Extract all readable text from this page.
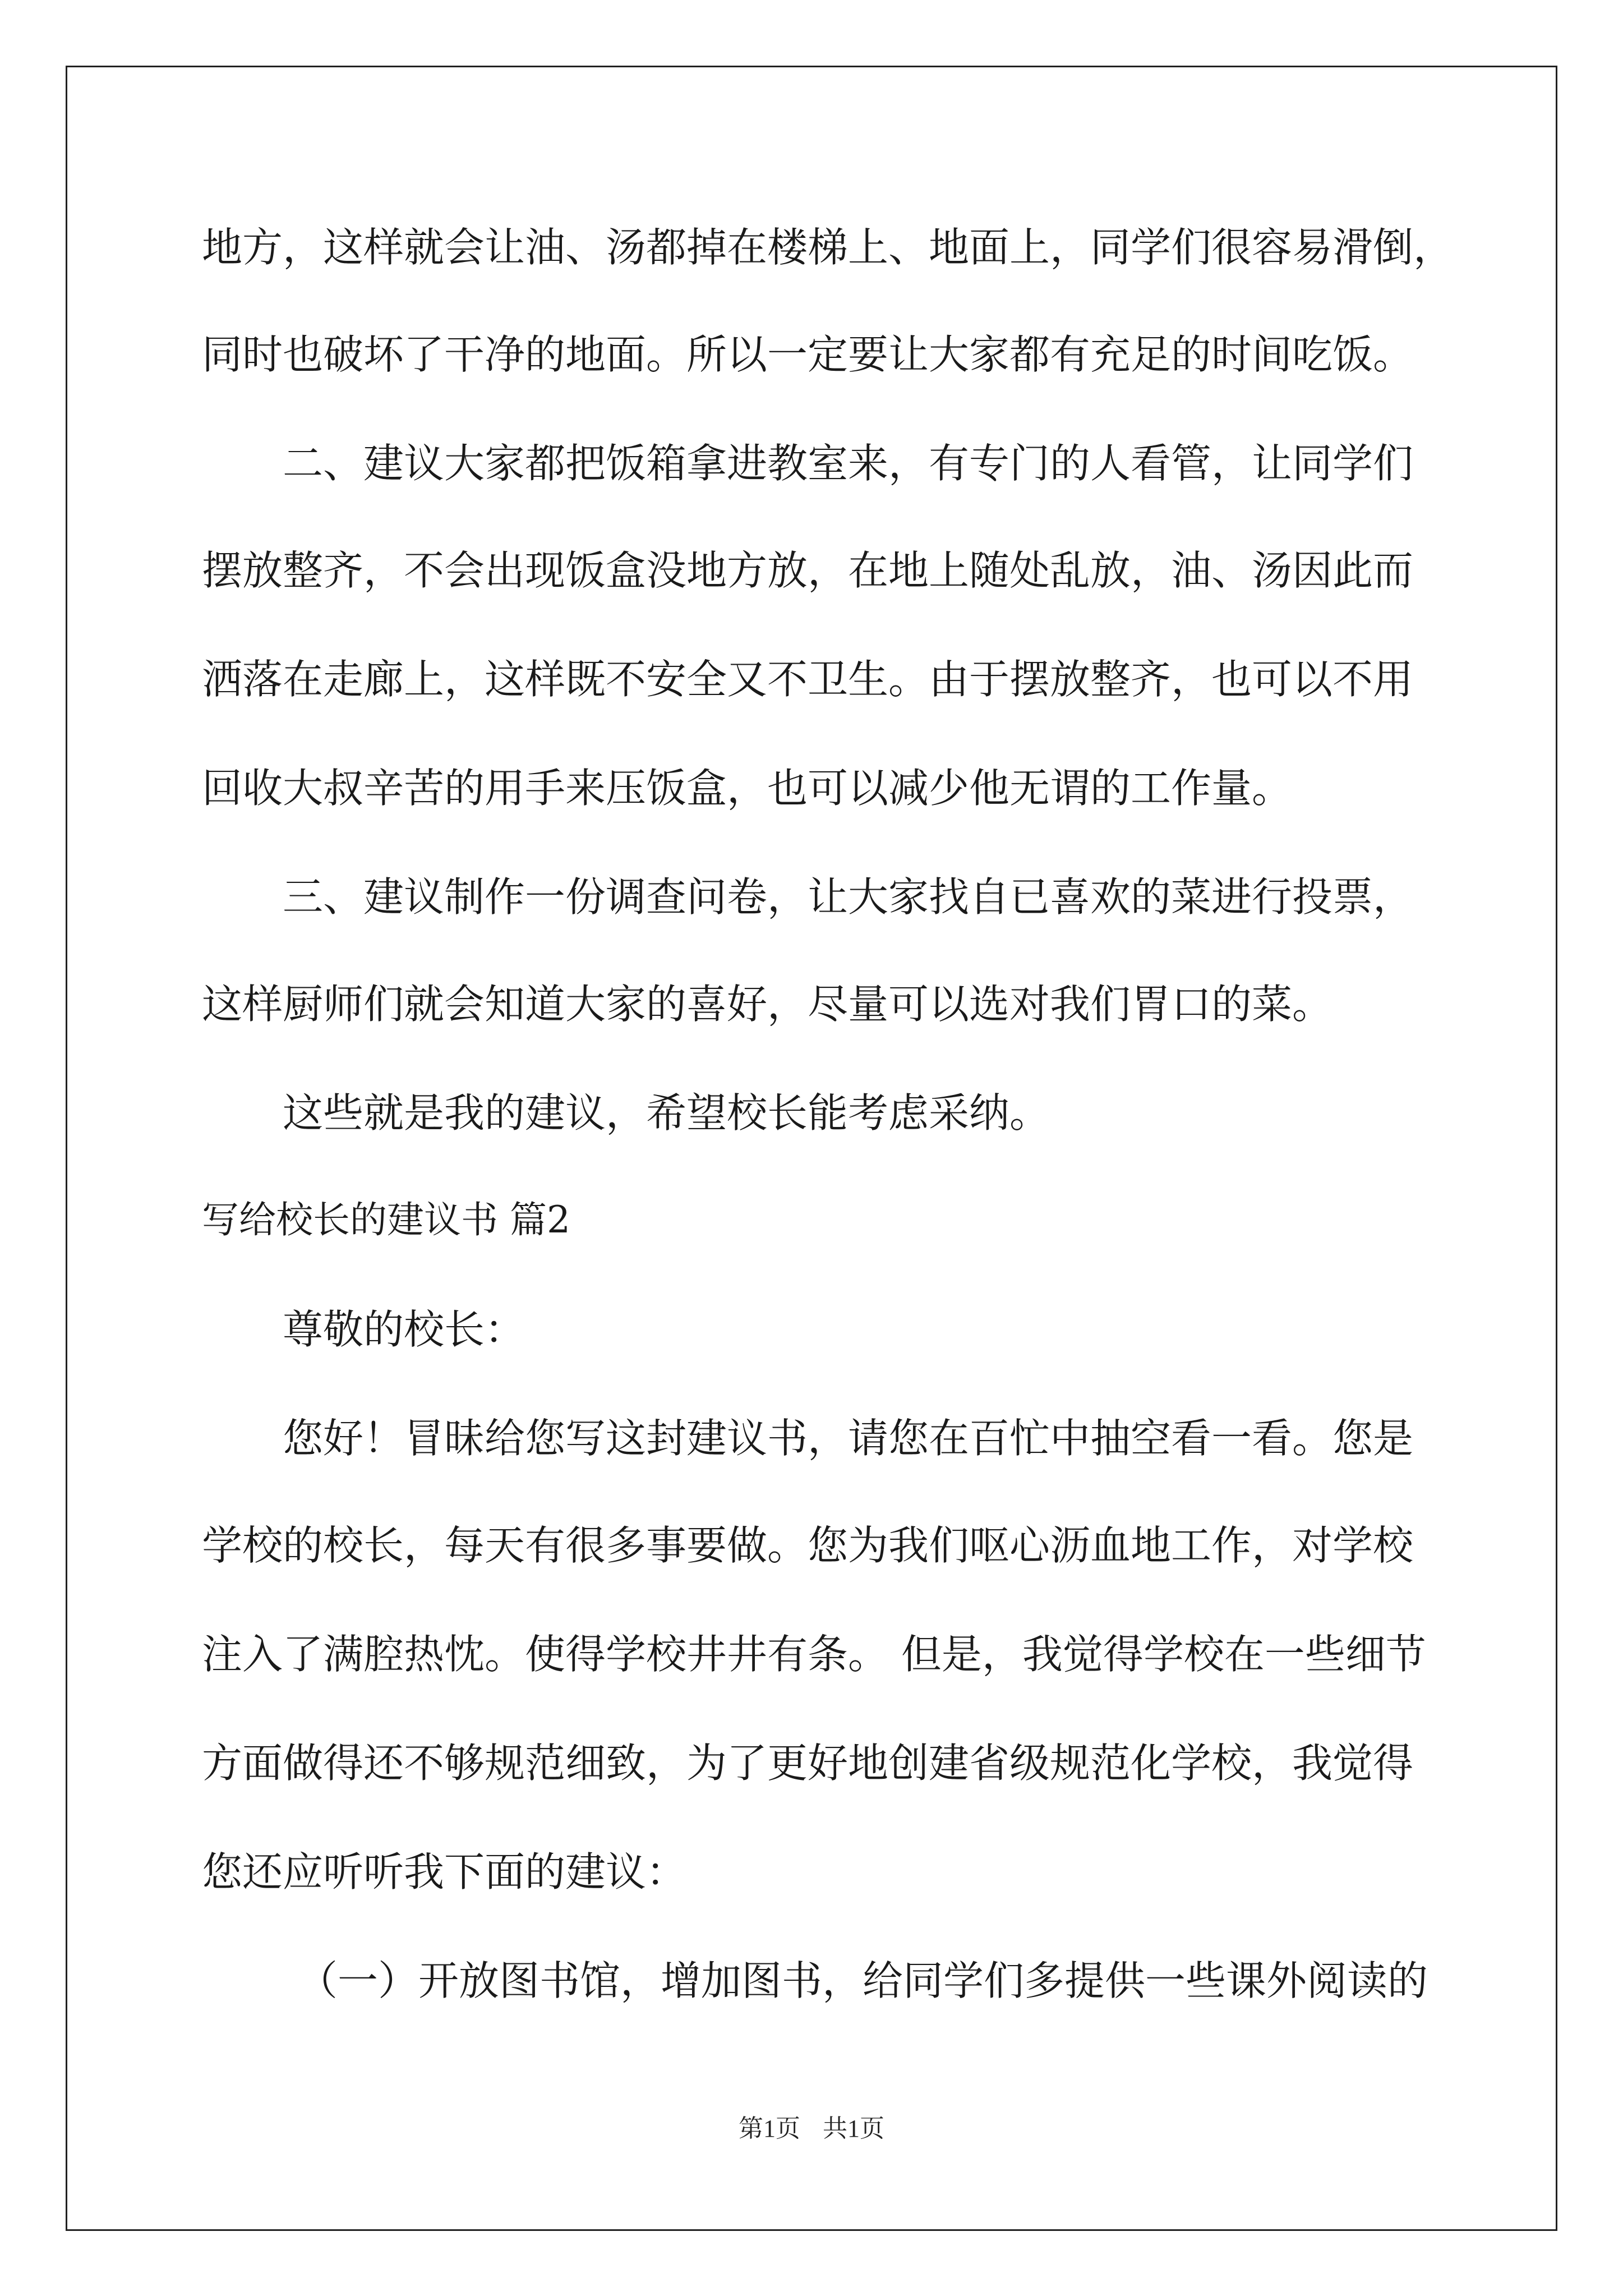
地方，这样就会让油、汤都掉在楼梯上、地面上，同学们很容易滑倒，

同时也破坏了干净的地面。所以一定要让大家都有充足的时间吃饭。

二、建议大家都把饭箱拿进教室来，有专门的人看管，让同学们

摆放整齐，不会出现饭盒没地方放，在地上随处乱放，油、汤因此而

洒落在走廊上，这样既不安全又不卫生。由于摆放整齐，也可以不用

回收大叔辛苦的用手来压饭盒，也可以减少他无谓的工作量。

三、建议制作一份调查问卷，让大家找自已喜欢的菜进行投票，

这样厨师们就会知道大家的喜好，尽量可以选对我们胃口的菜。

这些就是我的建议，希望校长能考虑采纳。

写给校长的建议书 篇2

尊敬的校长：

您好！冒昧给您写这封建议书，请您在百忙中抽空看一看。您是

学校的校长，每天有很多事要做。您为我们呕心沥血地工作，对学校

注入了满腔热忱。使得学校井井有条。 但是，我觉得学校在一些细节

方面做得还不够规范细致，为了更好地创建省级规范化学校，我觉得

您还应听听我下面的建议：

（一）开放图书馆，增加图书，给同学们多提供一些课外阅读的

第1页 共1页
